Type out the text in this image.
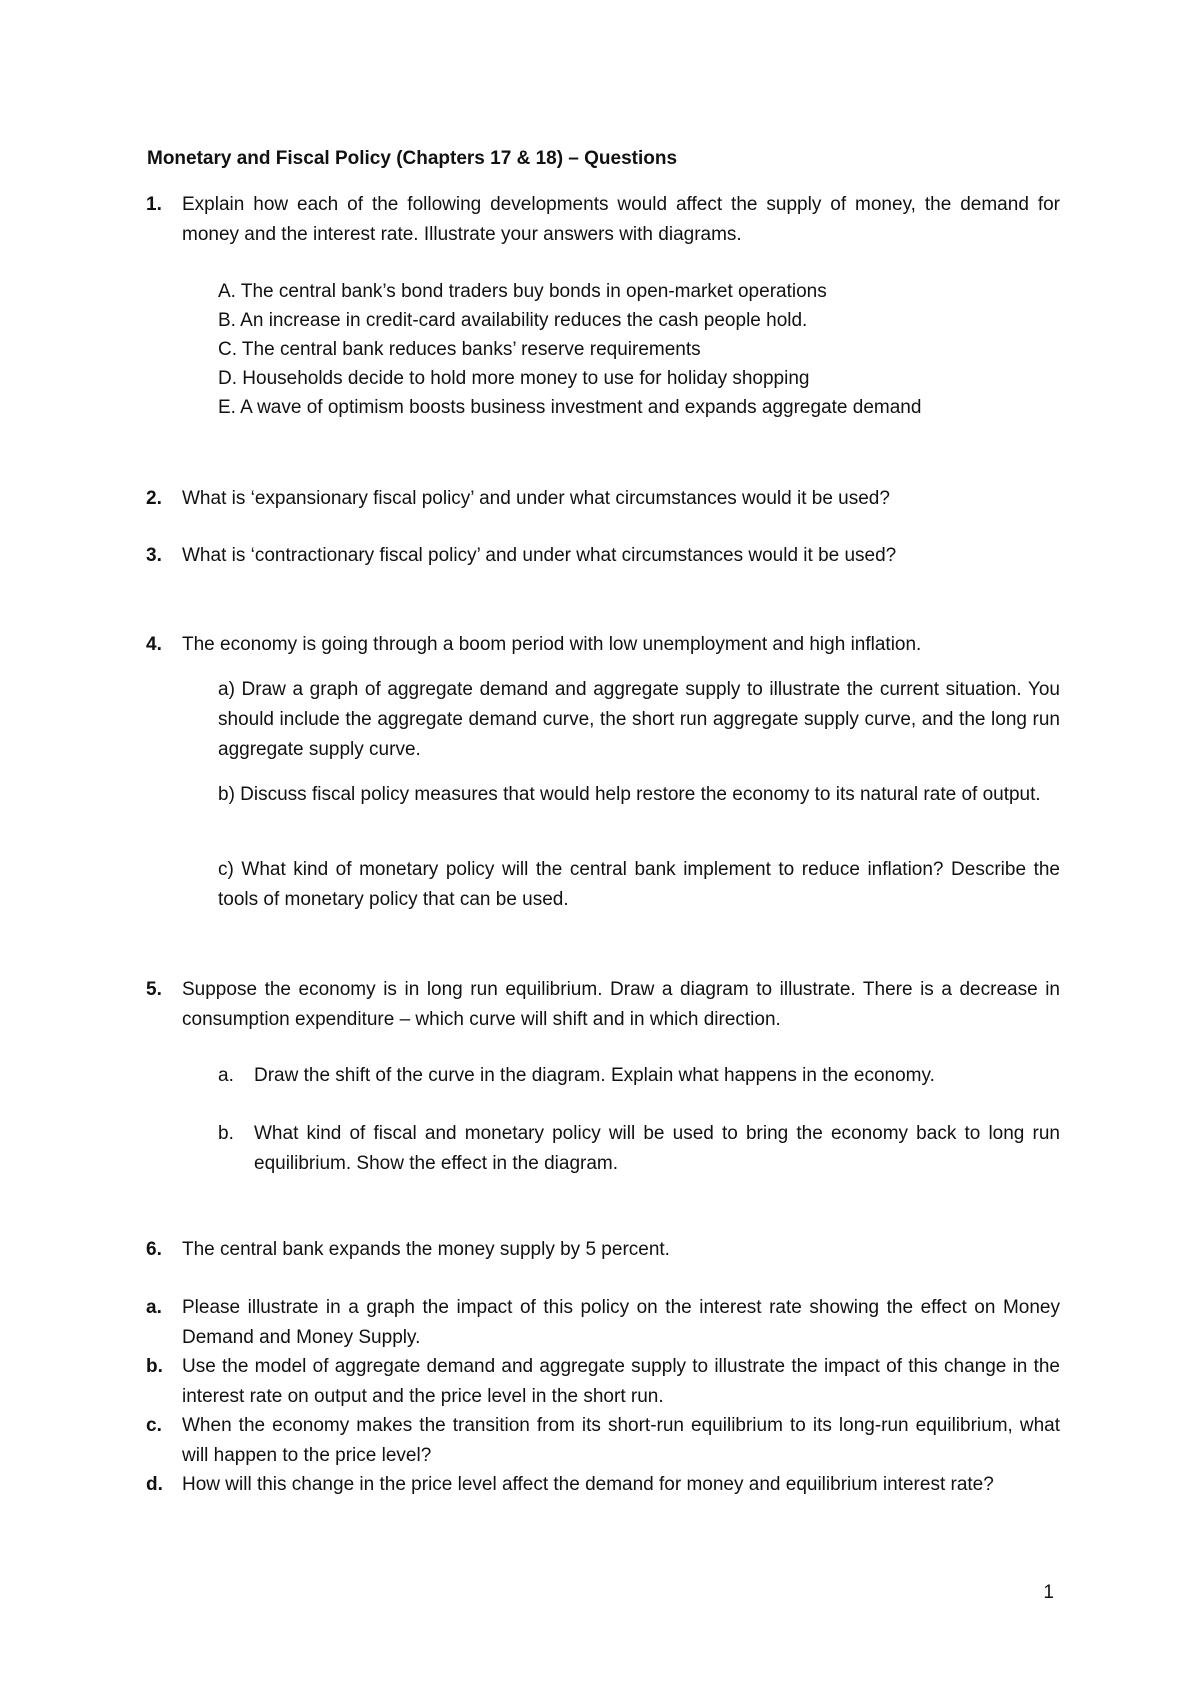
Monetary and Fiscal Policy (Chapters 17 & 18) – Questions
1. Explain how each of the following developments would affect the supply of money, the demand for money and the interest rate. Illustrate your answers with diagrams.
A. The central bank’s bond traders buy bonds in open-market operations
B. An increase in credit-card availability reduces the cash people hold.
C. The central bank reduces banks’ reserve requirements
D. Households decide to hold more money to use for holiday shopping
E. A wave of optimism boosts business investment and expands aggregate demand
2. What is ‘expansionary fiscal policy’ and under what circumstances would it be used?
3. What is ‘contractionary fiscal policy’ and under what circumstances would it be used?
4. The economy is going through a boom period with low unemployment and high inflation.
a) Draw a graph of aggregate demand and aggregate supply to illustrate the current situation. You should include the aggregate demand curve, the short run aggregate supply curve, and the long run aggregate supply curve.
b) Discuss fiscal policy measures that would help restore the economy to its natural rate of output.
c) What kind of monetary policy will the central bank implement to reduce inflation? Describe the tools of monetary policy that can be used.
5. Suppose the economy is in long run equilibrium. Draw a diagram to illustrate. There is a decrease in consumption expenditure – which curve will shift and in which direction.
a. Draw the shift of the curve in the diagram. Explain what happens in the economy.
b. What kind of fiscal and monetary policy will be used to bring the economy back to long run equilibrium. Show the effect in the diagram.
6. The central bank expands the money supply by 5 percent.
a. Please illustrate in a graph the impact of this policy on the interest rate showing the effect on Money Demand and Money Supply.
b. Use the model of aggregate demand and aggregate supply to illustrate the impact of this change in the interest rate on output and the price level in the short run.
c. When the economy makes the transition from its short-run equilibrium to its long-run equilibrium, what will happen to the price level?
d. How will this change in the price level affect the demand for money and equilibrium interest rate?
1
